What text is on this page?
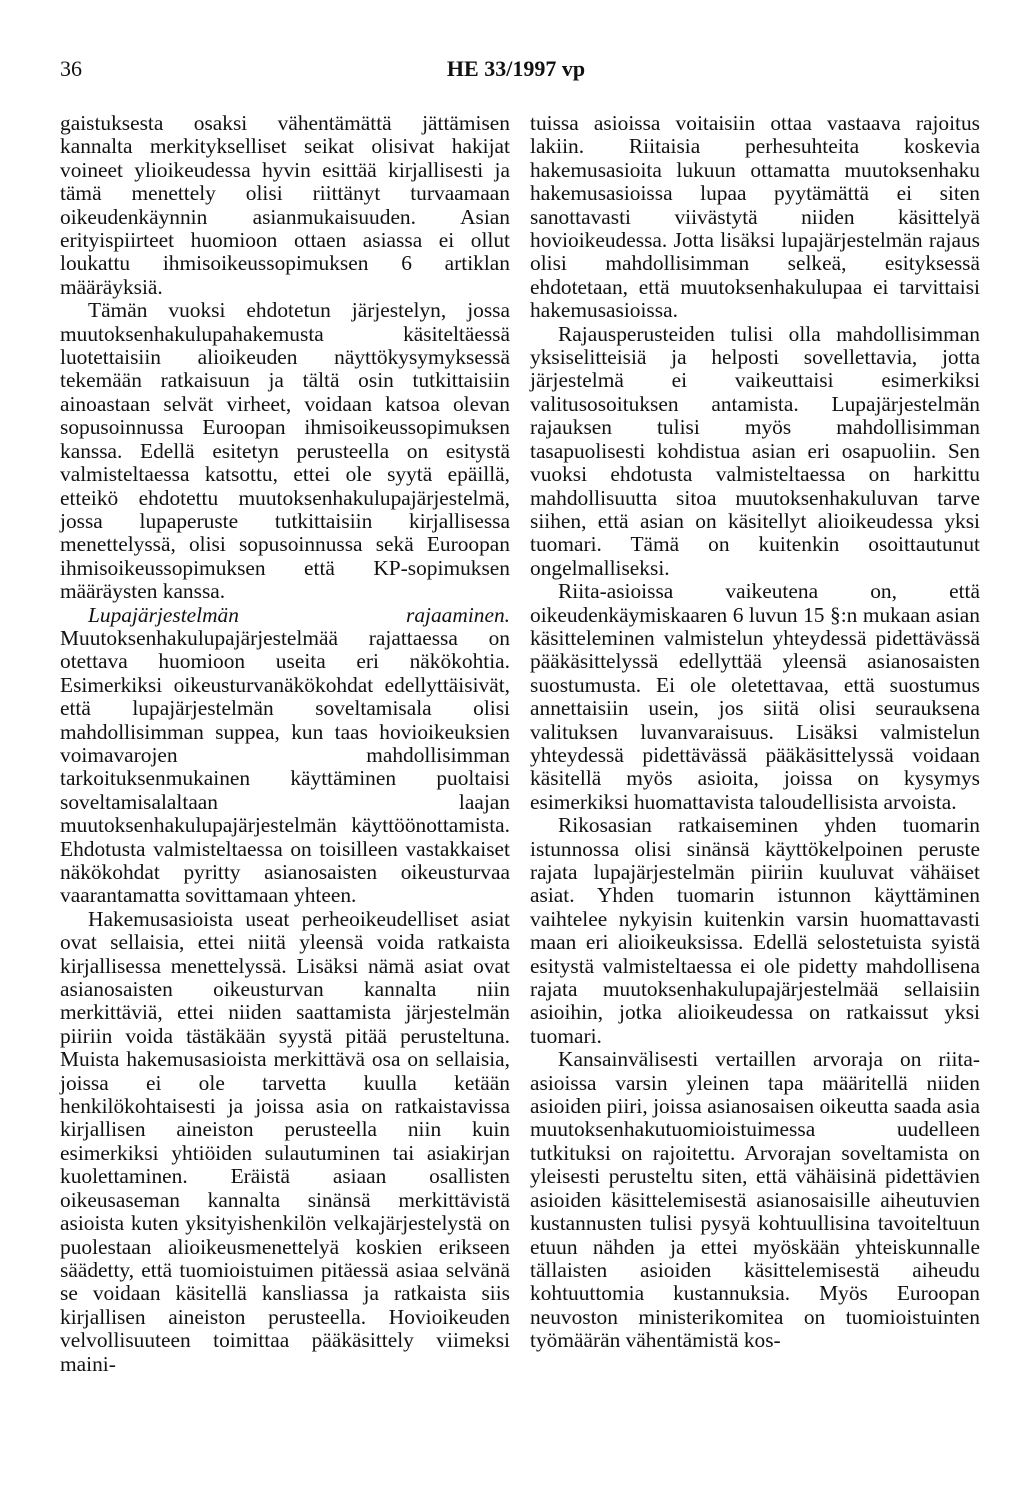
36	HE 33/1997 vp

gaistuksesta osaksi vähentämättä jättämisen kannalta merkitykselliset seikat olisivat hakijat voineet ylioikeudessa hyvin esittää kirjallisesti ja tämä menettely olisi riittänyt turvaamaan oikeudenkäynnin asianmukaisuuden. Asian erityispiirteet huomioon ottaen asiassa ei ollut loukattu ihmisoikeussopimuksen 6 artiklan määräyksiä.

Tämän vuoksi ehdotetun järjestelyn, jossa muutoksenhakulupahakemusta käsiteltäessä luotettaisiin alioikeuden näyttökysymyksessä tekemään ratkaisuun ja tältä osin tutkittaisiin ainoastaan selvät virheet, voidaan katsoa olevan sopusoinnussa Euroopan ihmisoikeussopimuksen kanssa. Edellä esitetyn perusteella on esitystä valmisteltaessa katsottu, ettei ole syytä epäillä, etteikö ehdotettu muutoksenhakulupajärjestelmä, jossa lupaperuste tutkittaisiin kirjallisessa menettelyssä, olisi sopusoinnussa sekä Euroopan ihmisoikeussopimuksen että KP-sopimuksen määräysten kanssa.

Lupajärjestelmän rajaaminen. Muutoksenhakulupajärjestelmää rajattaessa on otettava huomioon useita eri näkökohtia. Esimerkiksi oikeusturvanäkökohdat edellyttäisivät, että lupajärjestelmän soveltamisala olisi mahdollisimman suppea, kun taas hovioikeuksien voimavarojen mahdollisimman tarkoituksenmukainen käyttäminen puoltaisi soveltamisalaltaan laajan muutoksenhakulupajärjestelmän käyttöönottamista. Ehdotusta valmisteltaessa on toisilleen vastakkaiset näkökohdat pyritty asianosaisten oikeusturvaa vaarantamatta sovittamaan yhteen.

Hakemusasioista useat perheoikeudelliset asiat ovat sellaisia, ettei niitä yleensä voida ratkaista kirjallisessa menettelyssä. Lisäksi nämä asiat ovat asianosaisten oikeusturvan kannalta niin merkittäviä, ettei niiden saattamista järjestelmän piiriin voida tästäkään syystä pitää perusteltuna. Muista hakemusasioista merkittävä osa on sellaisia, joissa ei ole tarvetta kuulla ketään henkilökohtaisesti ja joissa asia on ratkaistavissa kirjallisen aineiston perusteella niin kuin esimerkiksi yhtiöiden sulautuminen tai asiakirjan kuolettaminen. Eräistä asiaan osallisten oikeusaseman kannalta sinänsä merkittävistä asioista kuten yksityishenkilön velkajärjestelystä on puolestaan alioikeusmenettelyä koskien erikseen säädetty, että tuomioistuimen pitäessä asiaa selvänä se voidaan käsitellä kansliassa ja ratkaista siis kirjallisen aineiston perusteella. Hovioikeuden velvollisuuteen toimittaa pääkäsittely viimeksi maini-

tuissa asioissa voitaisiin ottaa vastaava rajoitus lakiin. Riitaisia perhesuhteita koskevia hakemusasioita lukuun ottamatta muutoksenhaku hakemusasioissa lupaa pyytämättä ei siten sanottavasti viivästytä niiden käsittelyä hovioikeudessa. Jotta lisäksi lupajärjestelmän rajaus olisi mahdollisimman selkeä, esityksessä ehdotetaan, että muutoksenhakulupaa ei tarvittaisi hakemusasioissa.

Rajausperusteiden tulisi olla mahdollisimman yksiselitteisiä ja helposti sovellettavia, jotta järjestelmä ei vaikeuttaisi esimerkiksi valitusosoituksen antamista. Lupajärjestelmän rajauksen tulisi myös mahdollisimman tasapuolisesti kohdistua asian eri osapuoliin. Sen vuoksi ehdotusta valmisteltaessa on harkittu mahdollisuutta sitoa muutoksenhakuluvan tarve siihen, että asian on käsitellyt alioikeudessa yksi tuomari. Tämä on kuitenkin osoittautunut ongelmalliseksi.

Riita-asioissa vaikeutena on, että oikeudenkäymiskaaren 6 luvun 15 §:n mukaan asian käsitteleminen valmistelun yhteydessä pidettävässä pääkäsittelyssä edellyttää yleensä asianosaisten suostumusta. Ei ole oletettavaa, että suostumus annettaisiin usein, jos siitä olisi seurauksena valituksen luvanvaraisuus. Lisäksi valmistelun yhteydessä pidettävässä pääkäsittelyssä voidaan käsitellä myös asioita, joissa on kysymys esimerkiksi huomattavista taloudellisista arvoista.

Rikosasian ratkaiseminen yhden tuomarin istunnossa olisi sinänsä käyttökelpoinen peruste rajata lupajärjestelmän piiriin kuuluvat vähäiset asiat. Yhden tuomarin istunnon käyttäminen vaihtelee nykyisin kuitenkin varsin huomattavasti maan eri alioikeuksissa. Edellä selostetuista syistä esitystä valmisteltaessa ei ole pidetty mahdollisena rajata muutoksenhakulupajärjestelmää sellaisiin asioihin, jotka alioikeudessa on ratkaissut yksi tuomari.

Kansainvälisesti vertaillen arvoraja on riita-asioissa varsin yleinen tapa määritellä niiden asioiden piiri, joissa asianosaisen oikeutta saada asia muutoksenhakutuomioistuimessa uudelleen tutkituksi on rajoitettu. Arvorajan soveltamista on yleisesti perusteltu siten, että vähäisinä pidettävien asioiden käsittelemisestä asianosaisille aiheutuvien kustannusten tulisi pysyä kohtuullisina tavoiteltuun etuun nähden ja ettei myöskään yhteiskunnalle tällaisten asioiden käsittelemisestä aiheudu kohtuuttomia kustannuksia. Myös Euroopan neuvoston ministerikomitea on tuomioistuinten työmäärän vähentämistä kos-
